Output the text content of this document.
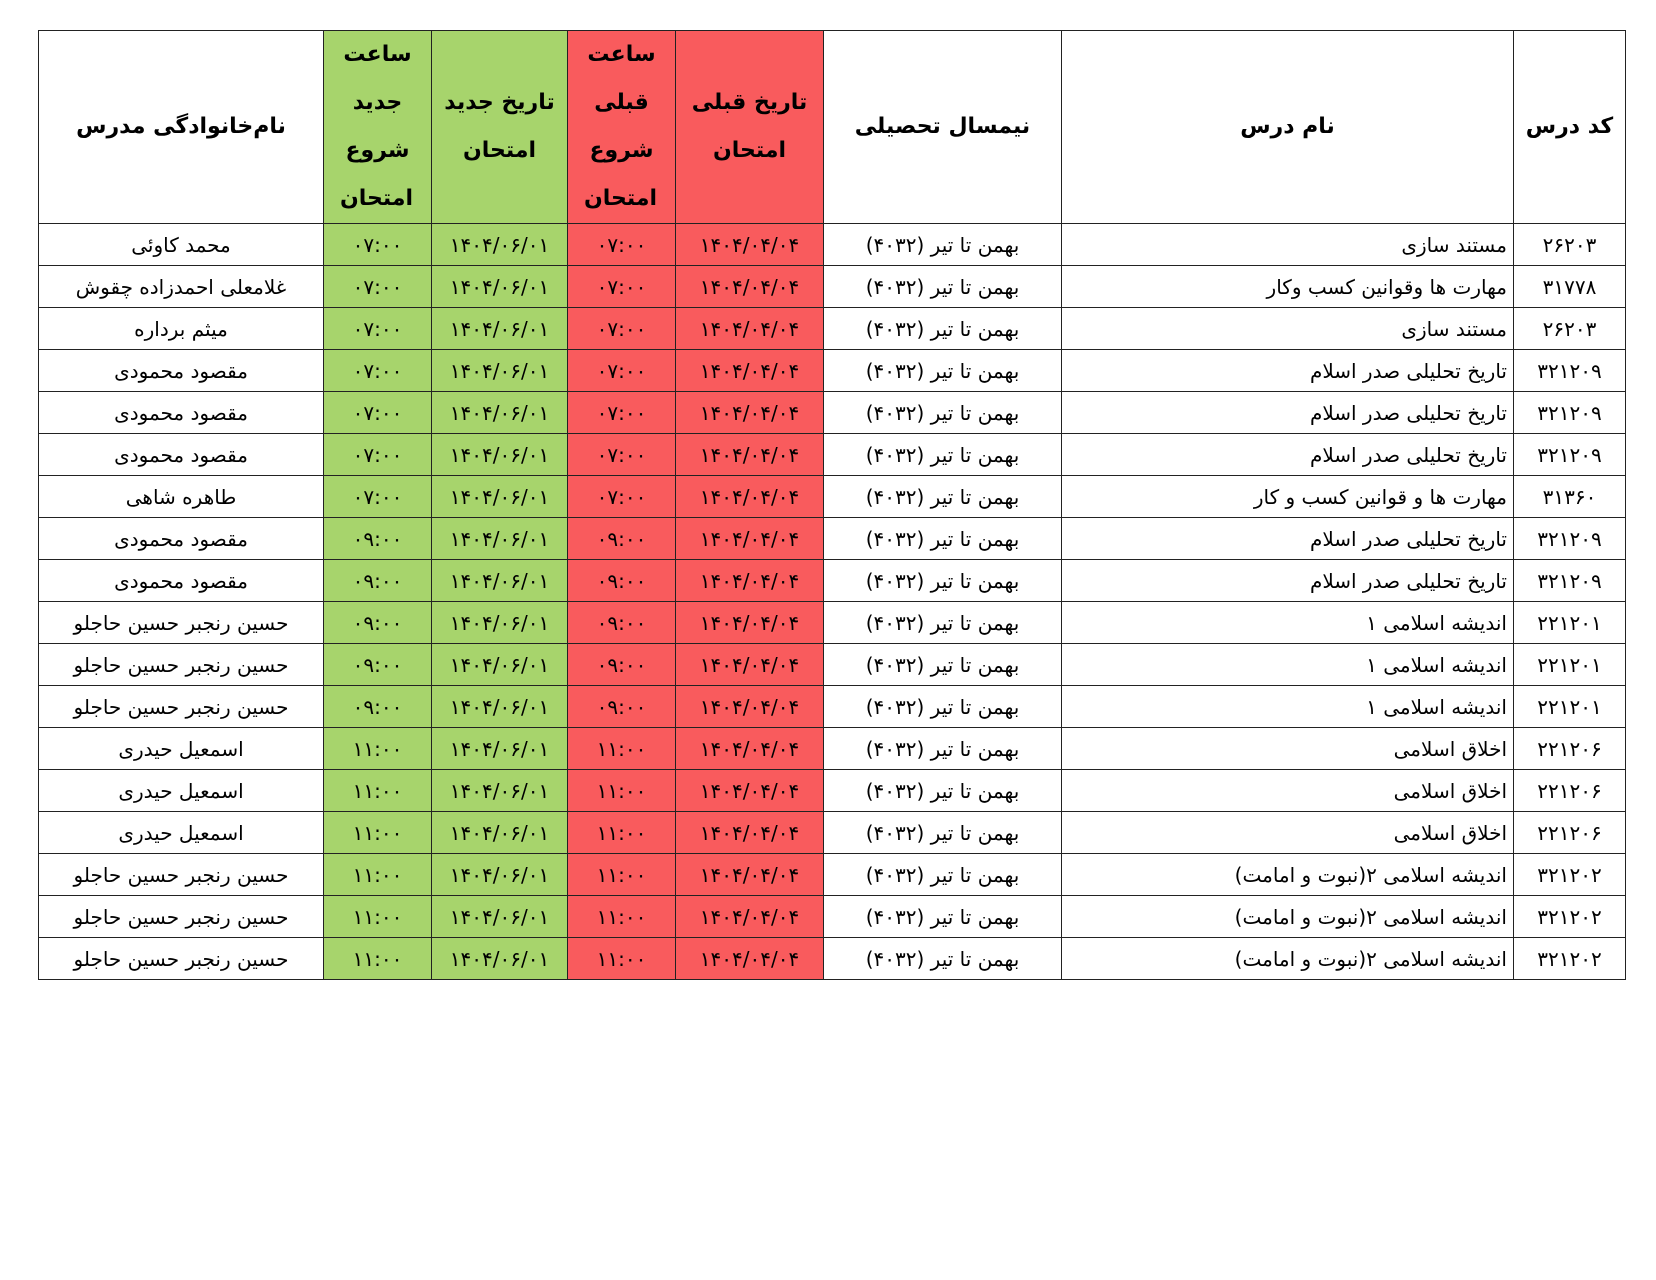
کد درس	نام درس	نیمسال تحصیلی	تاریخ قبلی امتحان	ساعت قبلی شروع امتحان	تاریخ جدید امتحان	ساعت جدید شروع امتحان	نام‌خانوادگی مدرس
۲۶۲۰۳	مستند سازی	بهمن تا تیر (۴۰۳۲)	۱۴۰۴/۰۴/۰۴	۰۷:۰۰	۱۴۰۴/۰۶/۰۱	۰۷:۰۰	محمد کاوئی
۳۱۷۷۸	مهارت ها وقوانین کسب وکار	بهمن تا تیر (۴۰۳۲)	۱۴۰۴/۰۴/۰۴	۰۷:۰۰	۱۴۰۴/۰۶/۰۱	۰۷:۰۰	غلامعلی احمدزاده چقوش
۲۶۲۰۳	مستند سازی	بهمن تا تیر (۴۰۳۲)	۱۴۰۴/۰۴/۰۴	۰۷:۰۰	۱۴۰۴/۰۶/۰۱	۰۷:۰۰	میثم برداره
۳۲۱۲۰۹	تاریخ تحلیلی صدر اسلام	بهمن تا تیر (۴۰۳۲)	۱۴۰۴/۰۴/۰۴	۰۷:۰۰	۱۴۰۴/۰۶/۰۱	۰۷:۰۰	مقصود محمودی
۳۲۱۲۰۹	تاریخ تحلیلی صدر اسلام	بهمن تا تیر (۴۰۳۲)	۱۴۰۴/۰۴/۰۴	۰۷:۰۰	۱۴۰۴/۰۶/۰۱	۰۷:۰۰	مقصود محمودی
۳۲۱۲۰۹	تاریخ تحلیلی صدر اسلام	بهمن تا تیر (۴۰۳۲)	۱۴۰۴/۰۴/۰۴	۰۷:۰۰	۱۴۰۴/۰۶/۰۱	۰۷:۰۰	مقصود محمودی
۳۱۳۶۰	مهارت ها و قوانین کسب و کار	بهمن تا تیر (۴۰۳۲)	۱۴۰۴/۰۴/۰۴	۰۷:۰۰	۱۴۰۴/۰۶/۰۱	۰۷:۰۰	طاهره شاهی
۳۲۱۲۰۹	تاریخ تحلیلی صدر اسلام	بهمن تا تیر (۴۰۳۲)	۱۴۰۴/۰۴/۰۴	۰۹:۰۰	۱۴۰۴/۰۶/۰۱	۰۹:۰۰	مقصود محمودی
۳۲۱۲۰۹	تاریخ تحلیلی صدر اسلام	بهمن تا تیر (۴۰۳۲)	۱۴۰۴/۰۴/۰۴	۰۹:۰۰	۱۴۰۴/۰۶/۰۱	۰۹:۰۰	مقصود محمودی
۲۲۱۲۰۱	اندیشه اسلامی ۱	بهمن تا تیر (۴۰۳۲)	۱۴۰۴/۰۴/۰۴	۰۹:۰۰	۱۴۰۴/۰۶/۰۱	۰۹:۰۰	حسین رنجبر حسین حاجلو
۲۲۱۲۰۱	اندیشه اسلامی ۱	بهمن تا تیر (۴۰۳۲)	۱۴۰۴/۰۴/۰۴	۰۹:۰۰	۱۴۰۴/۰۶/۰۱	۰۹:۰۰	حسین رنجبر حسین حاجلو
۲۲۱۲۰۱	اندیشه اسلامی ۱	بهمن تا تیر (۴۰۳۲)	۱۴۰۴/۰۴/۰۴	۰۹:۰۰	۱۴۰۴/۰۶/۰۱	۰۹:۰۰	حسین رنجبر حسین حاجلو
۲۲۱۲۰۶	اخلاق اسلامی	بهمن تا تیر (۴۰۳۲)	۱۴۰۴/۰۴/۰۴	۱۱:۰۰	۱۴۰۴/۰۶/۰۱	۱۱:۰۰	اسمعیل حیدری
۲۲۱۲۰۶	اخلاق اسلامی	بهمن تا تیر (۴۰۳۲)	۱۴۰۴/۰۴/۰۴	۱۱:۰۰	۱۴۰۴/۰۶/۰۱	۱۱:۰۰	اسمعیل حیدری
۲۲۱۲۰۶	اخلاق اسلامی	بهمن تا تیر (۴۰۳۲)	۱۴۰۴/۰۴/۰۴	۱۱:۰۰	۱۴۰۴/۰۶/۰۱	۱۱:۰۰	اسمعیل حیدری
۳۲۱۲۰۲	اندیشه اسلامی ۲(نبوت و امامت)	بهمن تا تیر (۴۰۳۲)	۱۴۰۴/۰۴/۰۴	۱۱:۰۰	۱۴۰۴/۰۶/۰۱	۱۱:۰۰	حسین رنجبر حسین حاجلو
۳۲۱۲۰۲	اندیشه اسلامی ۲(نبوت و امامت)	بهمن تا تیر (۴۰۳۲)	۱۴۰۴/۰۴/۰۴	۱۱:۰۰	۱۴۰۴/۰۶/۰۱	۱۱:۰۰	حسین رنجبر حسین حاجلو
۳۲۱۲۰۲	اندیشه اسلامی ۲(نبوت و امامت)	بهمن تا تیر (۴۰۳۲)	۱۴۰۴/۰۴/۰۴	۱۱:۰۰	۱۴۰۴/۰۶/۰۱	۱۱:۰۰	حسین رنجبر حسین حاجلو
